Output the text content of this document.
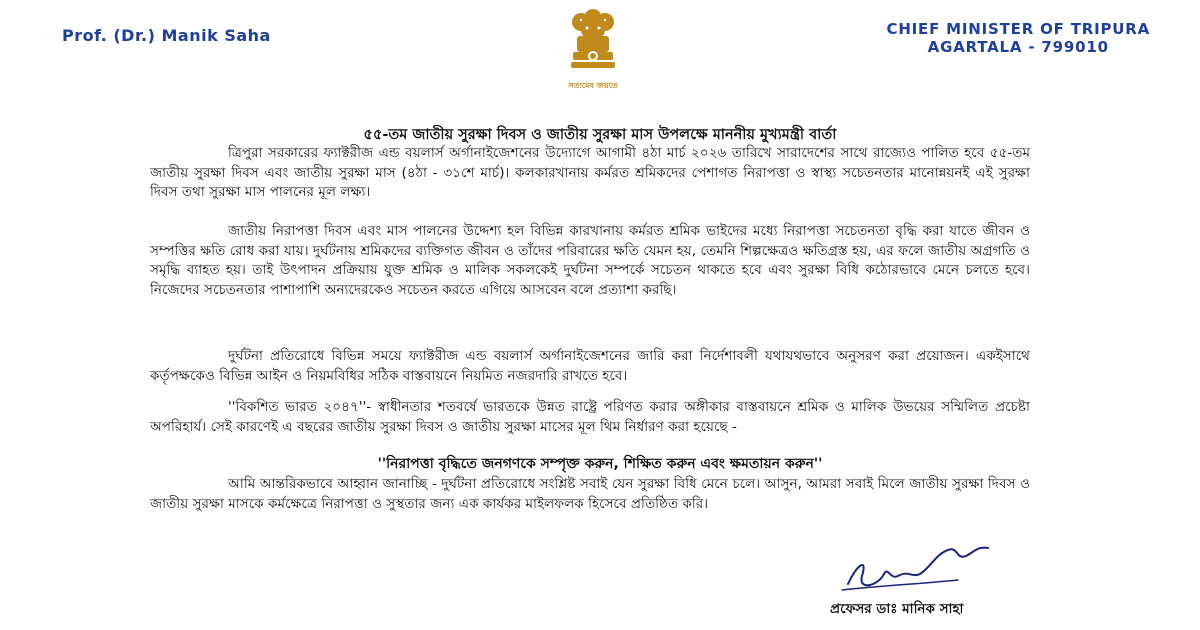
Prof. (Dr.) Manik Saha
সত্যমেব জয়তে
CHIEF MINISTER OF TRIPURA
AGARTALA - 799010
৫৫-তম জাতীয় সুরক্ষা দিবস ও জাতীয় সুরক্ষা মাস উপলক্ষে মাননীয় মুখ্যমন্ত্রী বার্তা

ত্রিপুরা সরকারের ফ্যাক্টরীজ এন্ড বয়লার্স অর্গানাইজেশনের উদ্যোগে আগামী ৪ঠা মার্চ ২০২৬ তারিখে সারাদেশের সাথে রাজ্যেও পালিত হবে ৫৫-তম জাতীয় সুরক্ষা দিবস এবং জাতীয় সুরক্ষা মাস (৪ঠা - ৩১শে মার্চ)। কলকারখানায় কর্মরত শ্রমিকদের পেশাগত নিরাপত্তা ও স্বাস্থ্য সচেতনতার মানোন্নয়নই এই সুরক্ষা দিবস তথা সুরক্ষা মাস পালনের মূল লক্ষ্য।

জাতীয় নিরাপত্তা দিবস এবং মাস পালনের উদ্দেশ্য হল বিভিন্ন কারখানায় কর্মরত শ্রমিক ভাইদের মধ্যে নিরাপত্তা সচেতনতা বৃদ্ধি করা যাতে জীবন ও সম্পত্তির ক্ষতি রোধ করা যায়। দুর্ঘটনায় শ্রমিকদের ব্যক্তিগত জীবন ও তাঁদের পরিবারের ক্ষতি যেমন হয়, তেমনি শিল্পক্ষেত্রও ক্ষতিগ্রস্ত হয়, এর ফলে জাতীয় অগ্রগতি ও সমৃদ্ধি ব্যাহত হয়। তাই উৎপাদন প্রক্রিয়ায় যুক্ত শ্রমিক ও মালিক সকলকেই দুর্ঘটনা সম্পর্কে সচেতন থাকতে হবে এবং সুরক্ষা বিধি কঠোরভাবে মেনে চলতে হবে। নিজেদের সচেতনতার পাশাপাশি অন্যদেরকেও সচেতন করতে এগিয়ে আসবেন বলে প্রত্যাশা করছি।

দুর্ঘটনা প্রতিরোধে বিভিন্ন সময়ে ফ্যাক্টরীজ এন্ড বয়লার্স অর্গানাইজেশনের জারি করা নির্দেশাবলী যথাযথভাবে অনুসরণ করা প্রয়োজন। একইসাথে কর্তৃপক্ষকেও বিভিন্ন আইন ও নিয়মবিধির সঠিক বাস্তবায়নে নিয়মিত নজরদারি রাখতে হবে।

''বিকশিত ভারত ২০৪৭''- স্বাধীনতার শতবর্ষে ভারতকে উন্নত রাষ্ট্রে পরিণত করার অঙ্গীকার বাস্তবায়নে শ্রমিক ও মালিক উভয়ের সম্মিলিত প্রচেষ্টা অপরিহার্য। সেই কারণেই এ বছরের জাতীয় সুরক্ষা দিবস ও জাতীয় সুরক্ষা মাসের মূল থিম নির্ধারণ করা হয়েছে -

''নিরাপত্তা বৃদ্ধিতে জনগণকে সম্পৃক্ত করুন, শিক্ষিত করুন এবং ক্ষমতায়ন করুন''

আমি আন্তরিকভাবে আহ্বান জানাচ্ছি - দুর্ঘটনা প্রতিরোধে সংশ্লিষ্ট সবাই যেন সুরক্ষা বিধি মেনে চলে। আসুন, আমরা সবাই মিলে জাতীয় সুরক্ষা দিবস ও জাতীয় সুরক্ষা মাসকে কর্মক্ষেত্রে নিরাপত্তা ও সুস্থতার জন্য এক কার্যকর মাইলফলক হিসেবে প্রতিষ্ঠিত করি।

প্রফেসর ডাঃ মানিক সাহা
